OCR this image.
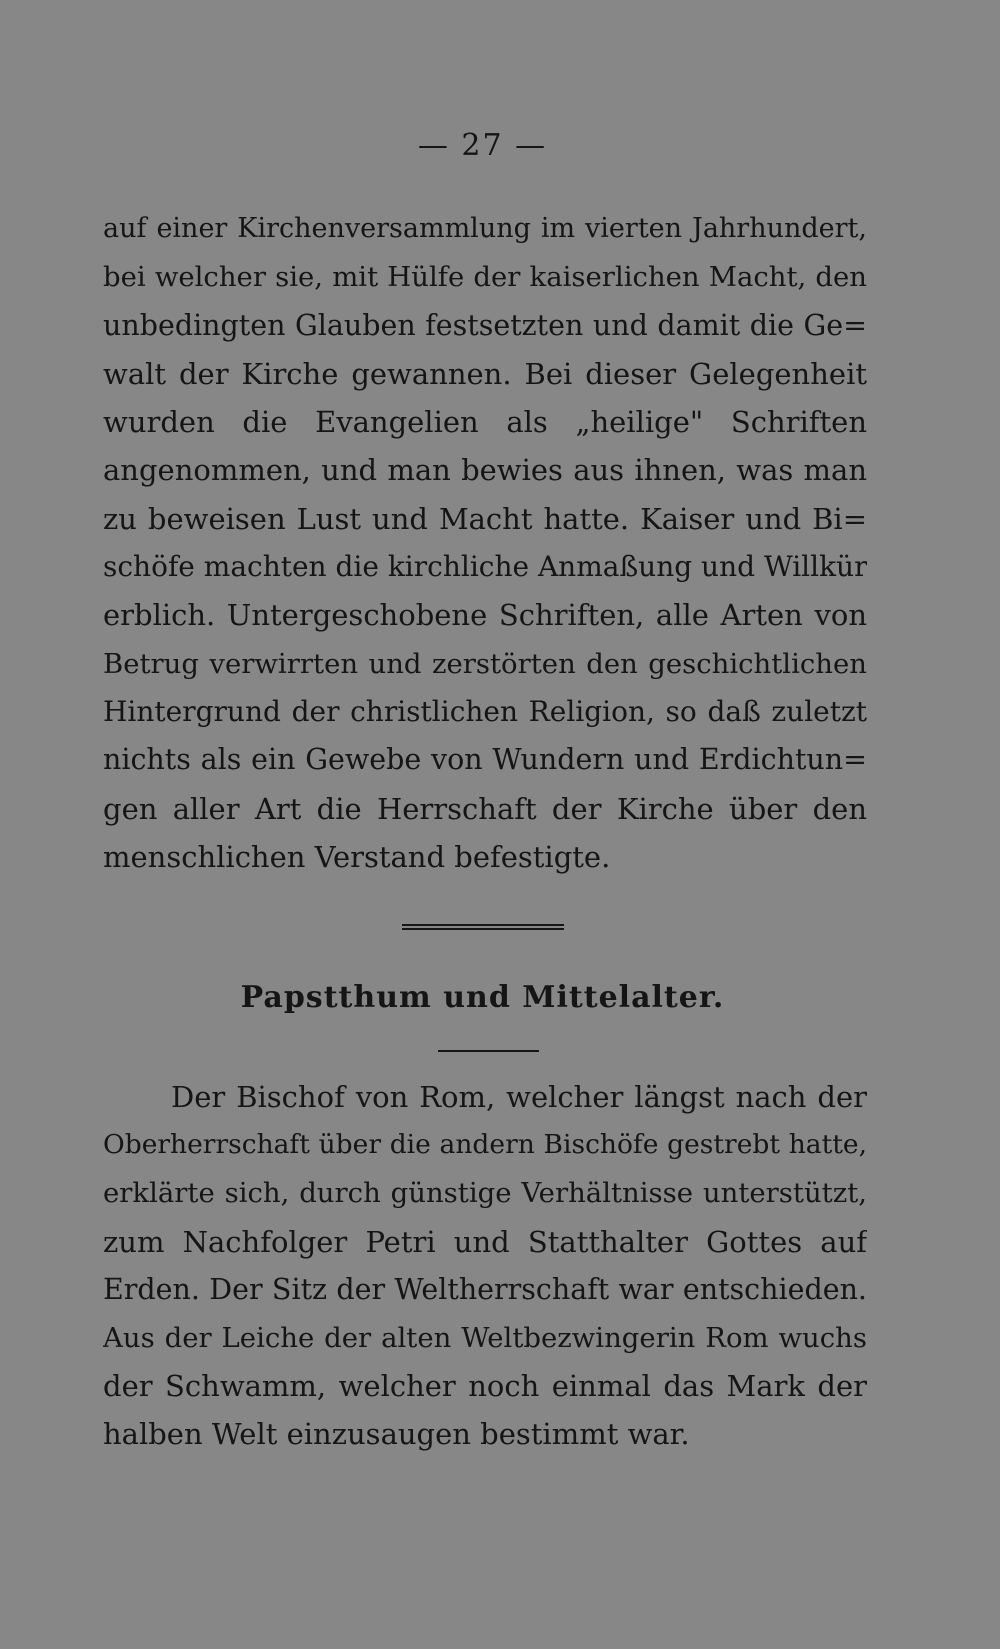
— 27 —
auf einer Kirchenversammlung im vierten Jahrhundert,
bei welcher sie, mit Hülfe der kaiserlichen Macht, den
unbedingten Glauben festsetzten und damit die Ge=
walt der Kirche gewannen. Bei dieser Gelegenheit
wurden die Evangelien als „heilige" Schriften
angenommen, und man bewies aus ihnen, was man
zu beweisen Lust und Macht hatte. Kaiser und Bi=
schöfe machten die kirchliche Anmaßung und Willkür
erblich. Untergeschobene Schriften, alle Arten von
Betrug verwirrten und zerstörten den geschichtlichen
Hintergrund der christlichen Religion, so daß zuletzt
nichts als ein Gewebe von Wundern und Erdichtun=
gen aller Art die Herrschaft der Kirche über den
menschlichen Verstand befestigte.
Papstthum und Mittelalter.
Der Bischof von Rom, welcher längst nach der
Oberherrschaft über die andern Bischöfe gestrebt hatte,
erklärte sich, durch günstige Verhältnisse unterstützt,
zum Nachfolger Petri und Statthalter Gottes auf
Erden. Der Sitz der Weltherrschaft war entschieden.
Aus der Leiche der alten Weltbezwingerin Rom wuchs
der Schwamm, welcher noch einmal das Mark der
halben Welt einzusaugen bestimmt war.
